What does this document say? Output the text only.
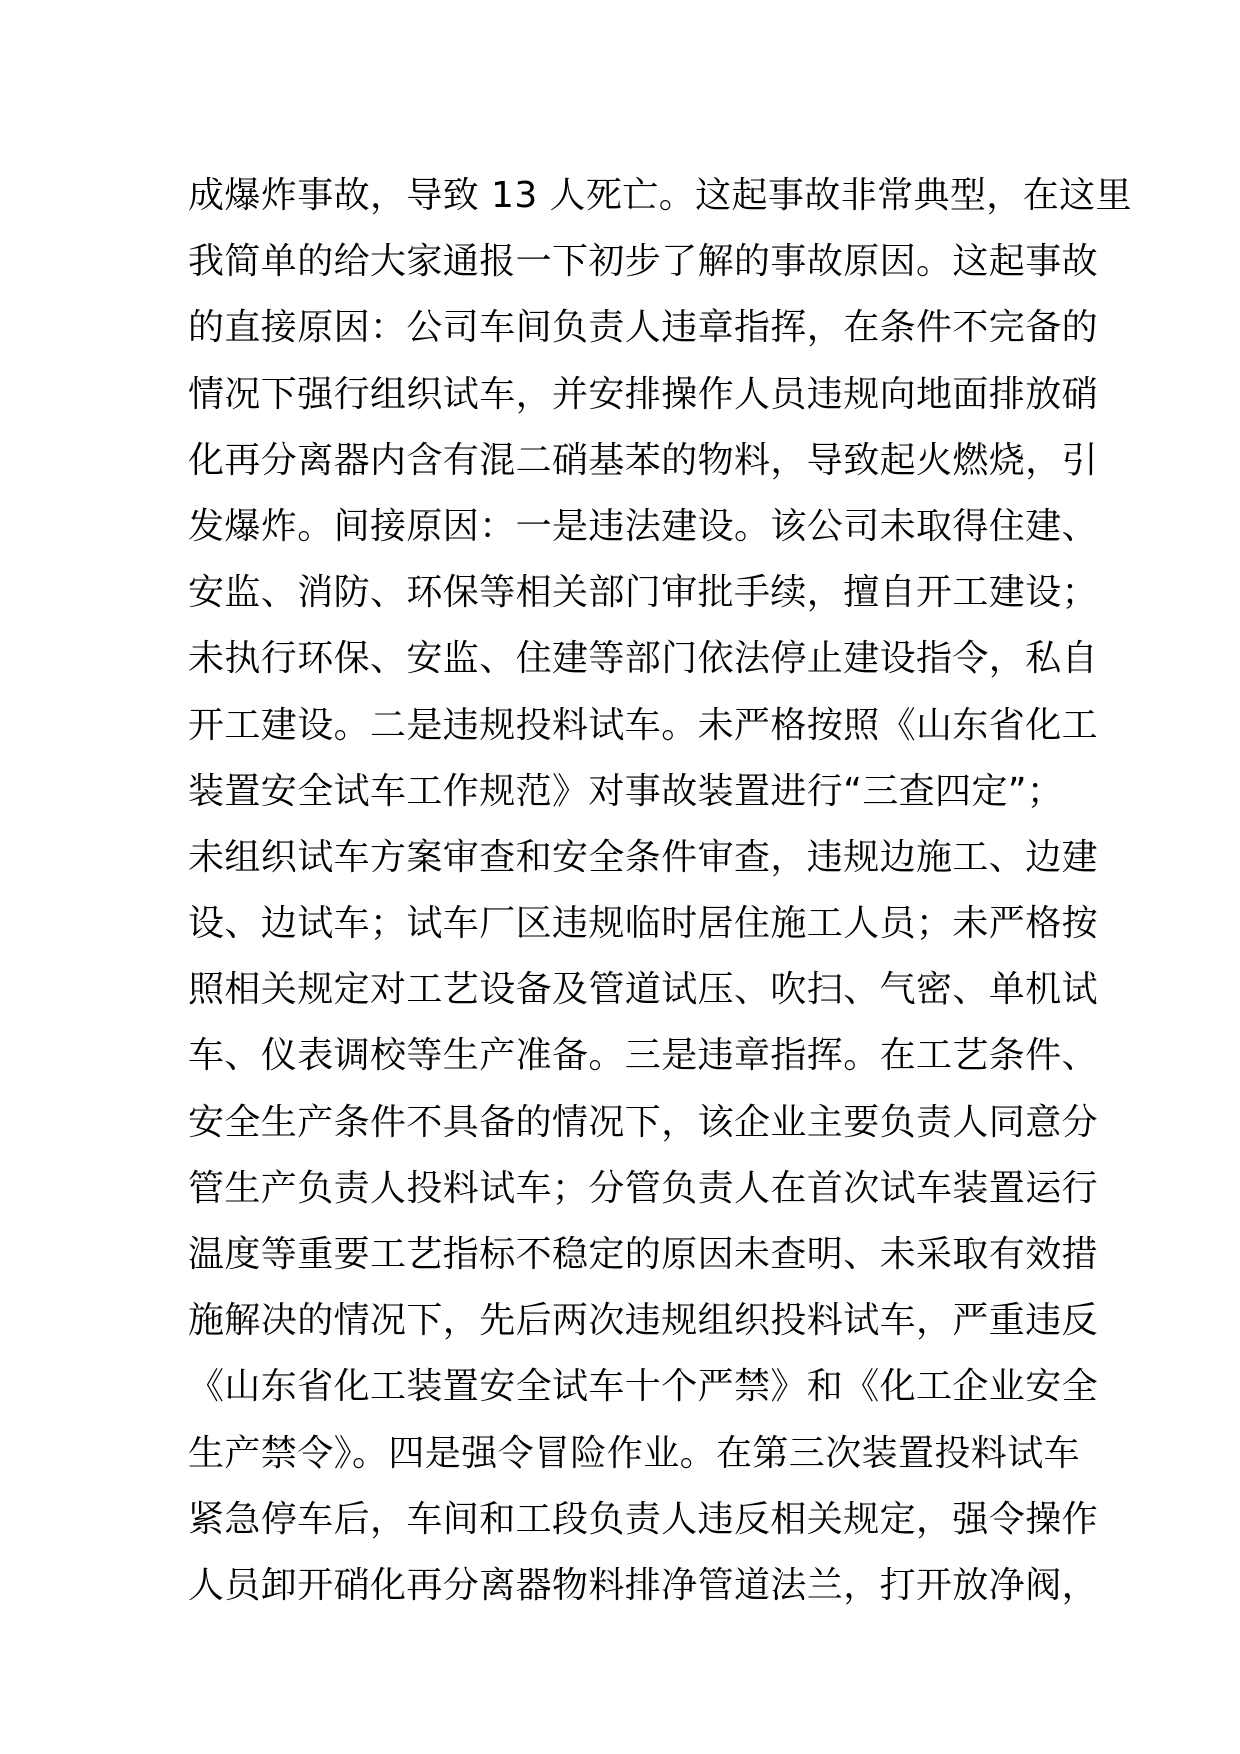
成爆炸事故，导致 13 人死亡。这起事故非常典型，在这里
我简单的给大家通报一下初步了解的事故原因。这起事故
的直接原因：公司车间负责人违章指挥，在条件不完备的
情况下强行组织试车，并安排操作人员违规向地面排放硝
化再分离器内含有混二硝基苯的物料，导致起火燃烧，引
发爆炸。间接原因：一是违法建设。该公司未取得住建、
安监、消防、环保等相关部门审批手续，擅自开工建设；
未执行环保、安监、住建等部门依法停止建设指令，私自
开工建设。二是违规投料试车。未严格按照《山东省化工
装置安全试车工作规范》对事故装置进行“三查四定”；
未组织试车方案审查和安全条件审查，违规边施工、边建
设、边试车；试车厂区违规临时居住施工人员；未严格按
照相关规定对工艺设备及管道试压、吹扫、气密、单机试
车、仪表调校等生产准备。三是违章指挥。在工艺条件、
安全生产条件不具备的情况下，该企业主要负责人同意分
管生产负责人投料试车；分管负责人在首次试车装置运行
温度等重要工艺指标不稳定的原因未查明、未采取有效措
施解决的情况下，先后两次违规组织投料试车，严重违反
《山东省化工装置安全试车十个严禁》和《化工企业安全
生产禁令》。四是强令冒险作业。在第三次装置投料试车
紧急停车后，车间和工段负责人违反相关规定，强令操作
人员卸开硝化再分离器物料排净管道法兰，打开放净阀，
